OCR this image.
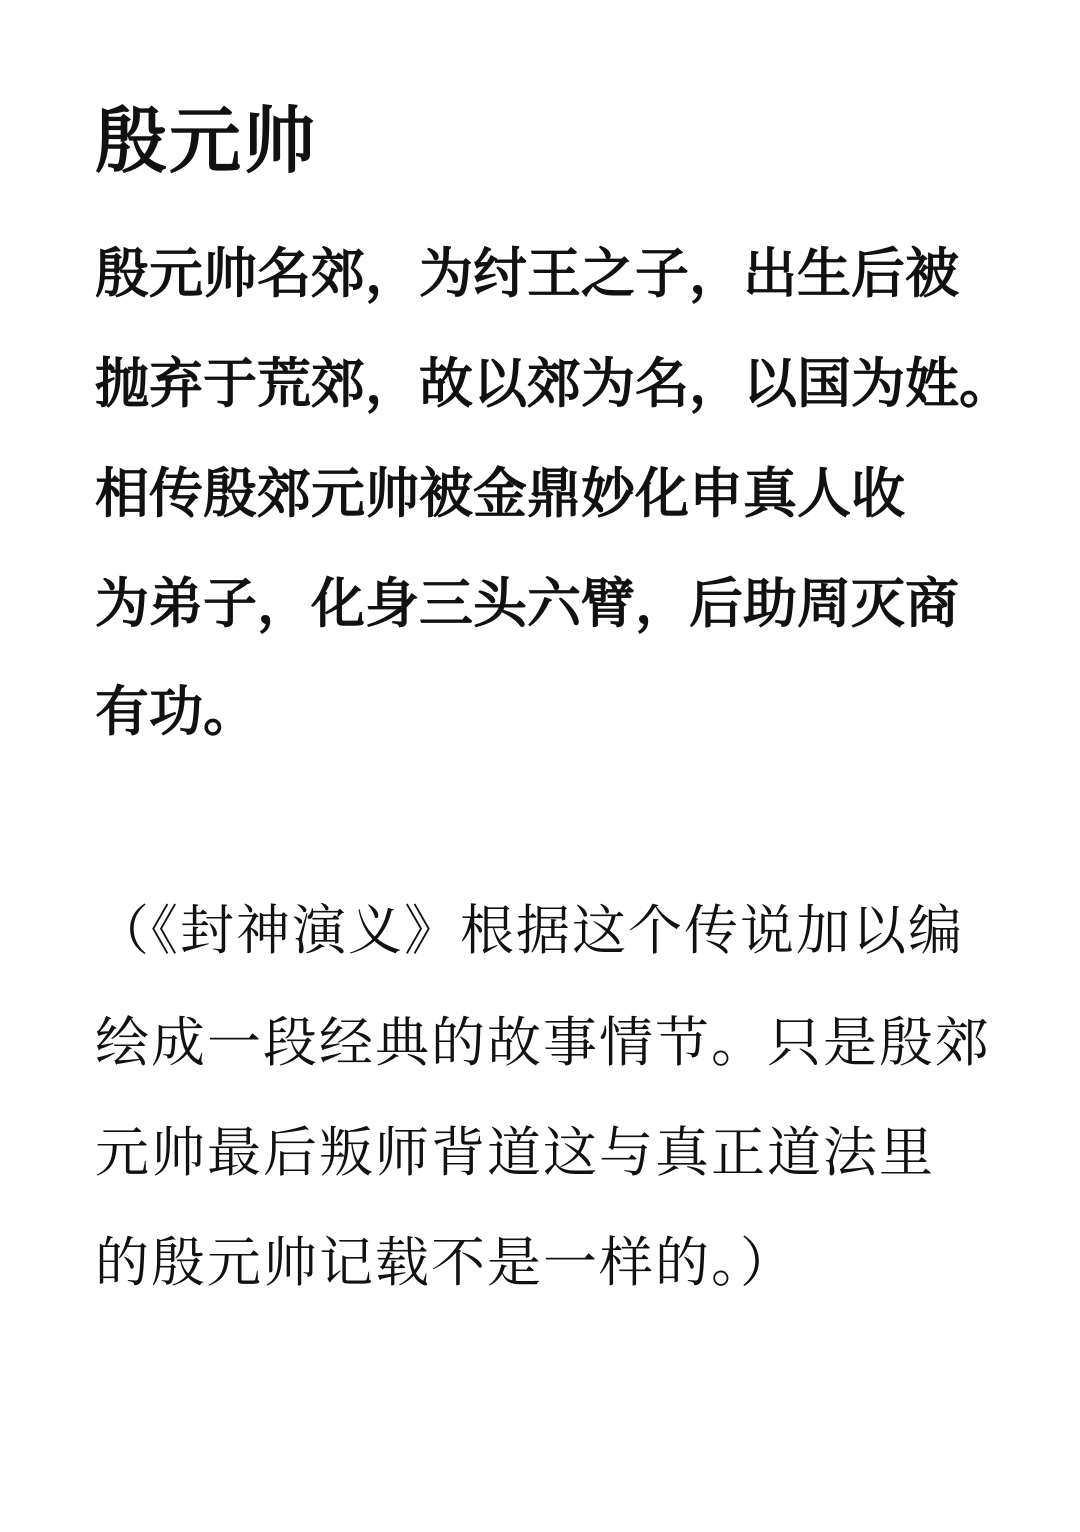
殷元帅
殷元帅名郊，为纣王之子，出生后被
抛弃于荒郊，故以郊为名，以国为姓。
相传殷郊元帅被金鼎妙化申真人收
为弟子，化身三头六臂，后助周灭商
有功。
（《封神演义》根据这个传说加以编
绘成一段经典的故事情节。只是殷郊
元帅最后叛师背道这与真正道法里
的殷元帅记载不是一样的。）
